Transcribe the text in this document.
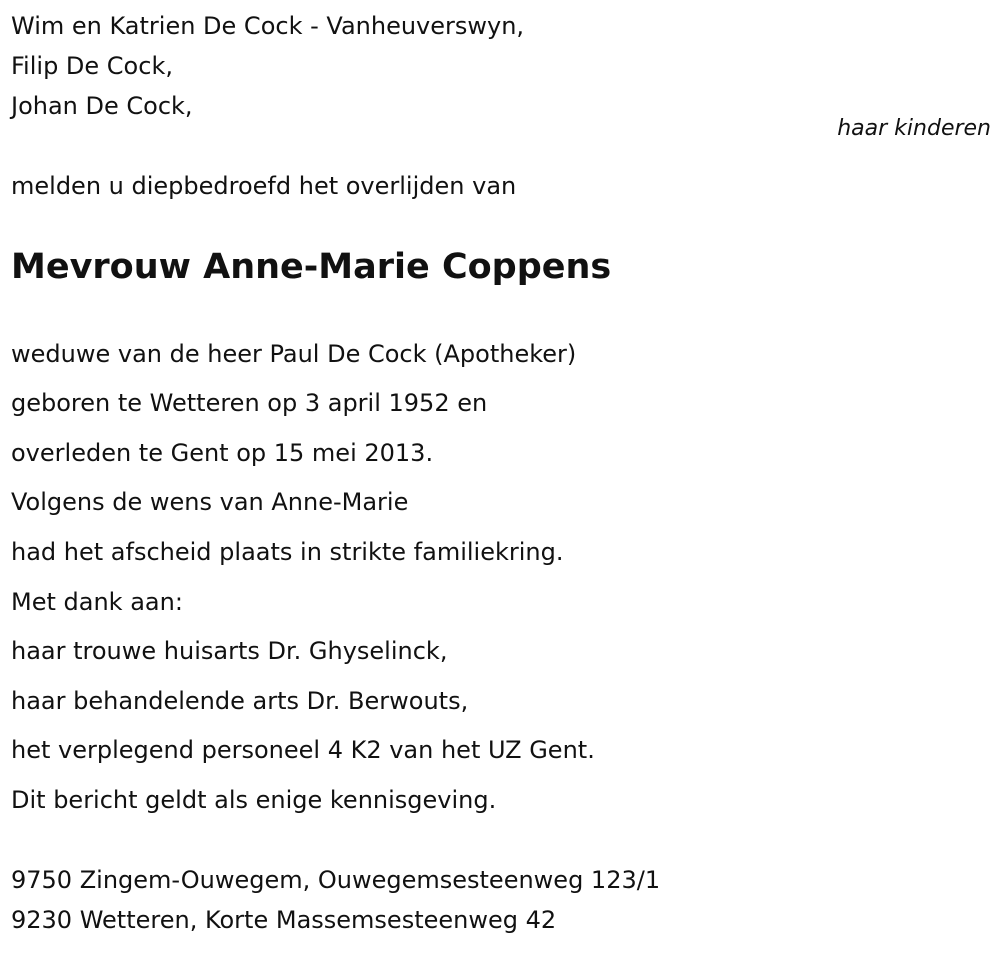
Wim en Katrien De Cock - Vanheuverswyn,
Filip De Cock,
Johan De Cock,
haar kinderen
melden u diepbedroefd het overlijden van
Mevrouw Anne-Marie Coppens
weduwe van de heer Paul De Cock (Apotheker)
geboren te Wetteren op 3 april 1952 en
overleden te Gent op 15 mei 2013.
Volgens de wens van Anne-Marie
had het afscheid plaats in strikte familiekring.
Met dank aan:
haar trouwe huisarts Dr. Ghyselinck,
haar behandelende arts Dr. Berwouts,
het verplegend personeel 4 K2 van het UZ Gent.
Dit bericht geldt als enige kennisgeving.
9750 Zingem-Ouwegem, Ouwegemsesteenweg 123/1
9230 Wetteren, Korte Massemsesteenweg 42
